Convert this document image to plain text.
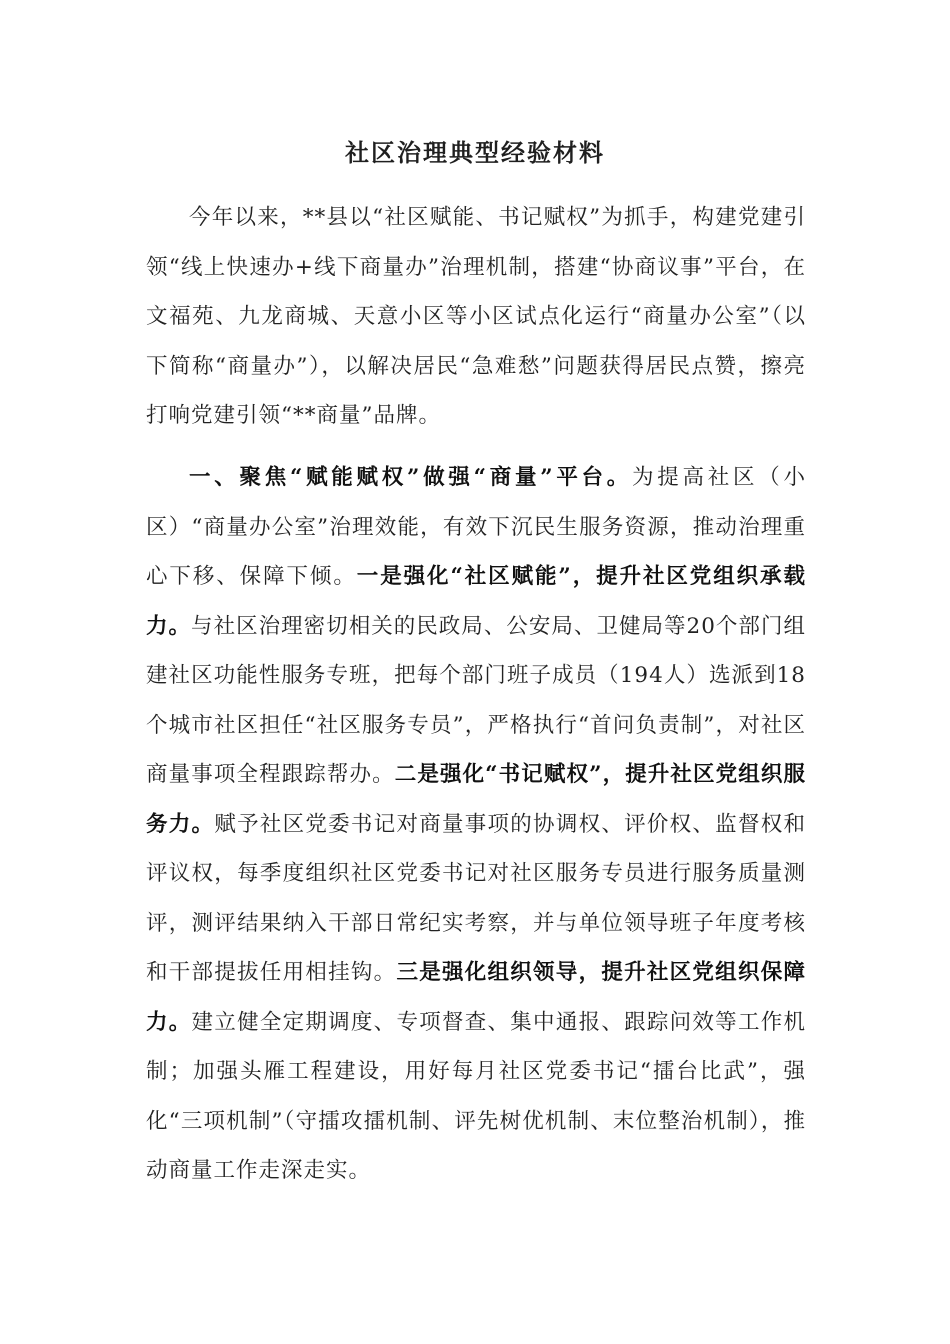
社区治理典型经验材料

今年以来，**县以“社区赋能、书记赋权”为抓手，构建党建引领“线上快速办+线下商量办”治理机制，搭建“协商议事”平台，在文福苑、九龙商城、天意小区等小区试点化运行“商量办公室”（以下简称“商量办”），以解决居民“急难愁”问题获得居民点赞，擦亮打响党建引领“**商量”品牌。

一、聚焦“赋能赋权”做强“商量”平台。为提高社区（小区）“商量办公室”治理效能，有效下沉民生服务资源，推动治理重心下移、保障下倾。一是强化“社区赋能”，提升社区党组织承载力。与社区治理密切相关的民政局、公安局、卫健局等20个部门组建社区功能性服务专班，把每个部门班子成员（194人）选派到18个城市社区担任“社区服务专员”，严格执行“首问负责制”，对社区商量事项全程跟踪帮办。二是强化“书记赋权”，提升社区党组织服务力。赋予社区党委书记对商量事项的协调权、评价权、监督权和评议权，每季度组织社区党委书记对社区服务专员进行服务质量测评，测评结果纳入干部日常纪实考察，并与单位领导班子年度考核和干部提拔任用相挂钩。三是强化组织领导，提升社区党组织保障力。建立健全定期调度、专项督查、集中通报、跟踪问效等工作机制；加强头雁工程建设，用好每月社区党委书记“擂台比武”，强化“三项机制”（守擂攻擂机制、评先树优机制、末位整治机制），推动商量工作走深走实。
